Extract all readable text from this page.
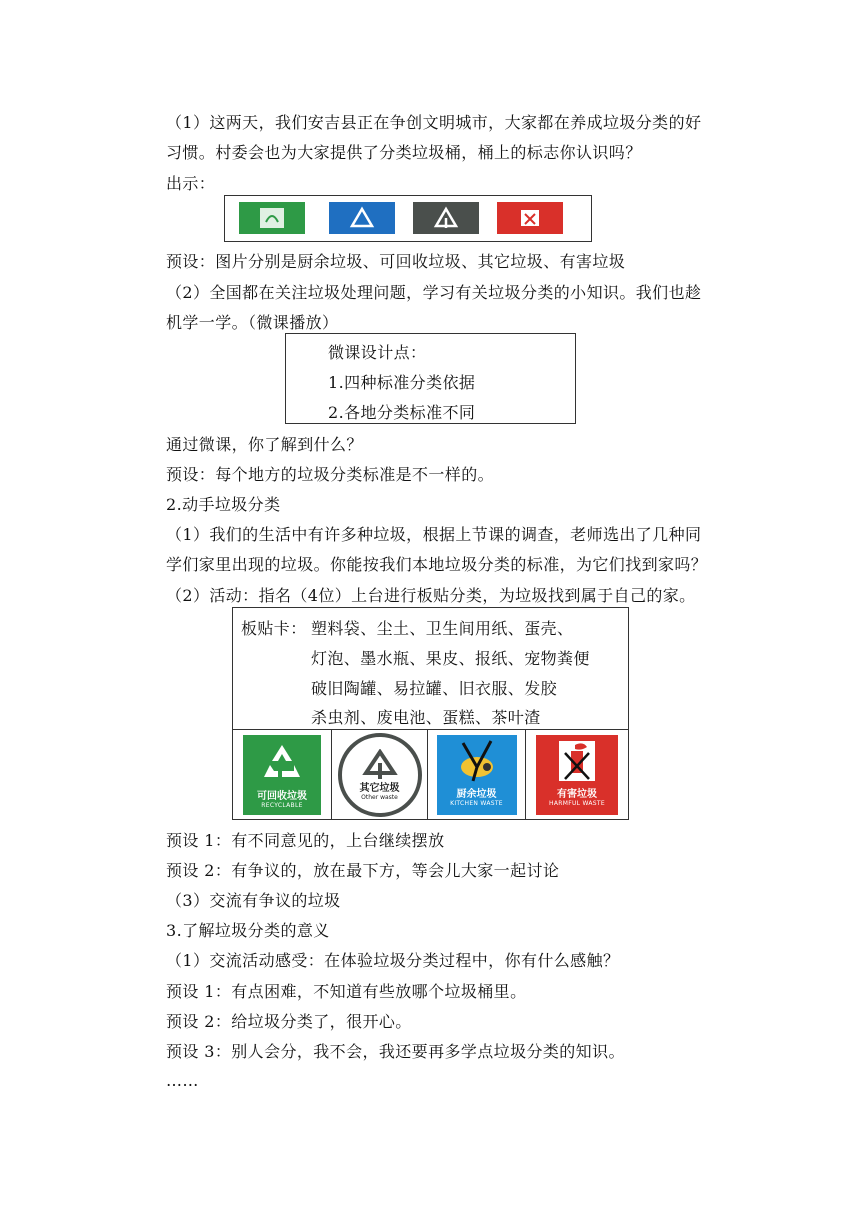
（1）这两天，我们安吉县正在争创文明城市，大家都在养成垃圾分类的好
习惯。村委会也为大家提供了分类垃圾桶，桶上的标志你认识吗？
出示：
预设：图片分别是厨余垃圾、可回收垃圾、其它垃圾、有害垃圾
（2）全国都在关注垃圾处理问题，学习有关垃圾分类的小知识。我们也趁
机学一学。（微课播放）
微课设计点：
1.四种标准分类依据
2.各地分类标准不同
通过微课，你了解到什么？
预设：每个地方的垃圾分类标准是不一样的。
2.动手垃圾分类
（1）我们的生活中有许多种垃圾，根据上节课的调查，老师选出了几种同
学们家里出现的垃圾。你能按我们本地垃圾分类的标准，为它们找到家吗？
（2）活动：指名（4位）上台进行板贴分类，为垃圾找到属于自己的家。
板贴卡： 塑料袋、尘土、卫生间用纸、蛋壳、
灯泡、墨水瓶、果皮、报纸、宠物粪便
破旧陶罐、易拉罐、旧衣服、发胶
杀虫剂、废电池、蛋糕、茶叶渣
可回收垃圾
RECYCLABLE
其它垃圾
Other waste	厨余垃圾
KITCHEN WASTE
有害垃圾
HARMFUL WASTE
预设 1：有不同意见的，上台继续摆放
预设 2：有争议的，放在最下方，等会儿大家一起讨论
（3）交流有争议的垃圾
3.了解垃圾分类的意义
（1）交流活动感受：在体验垃圾分类过程中，你有什么感触？
预设 1：有点困难，不知道有些放哪个垃圾桶里。
预设 2：给垃圾分类了，很开心。
预设 3：别人会分，我不会，我还要再多学点垃圾分类的知识。
……
